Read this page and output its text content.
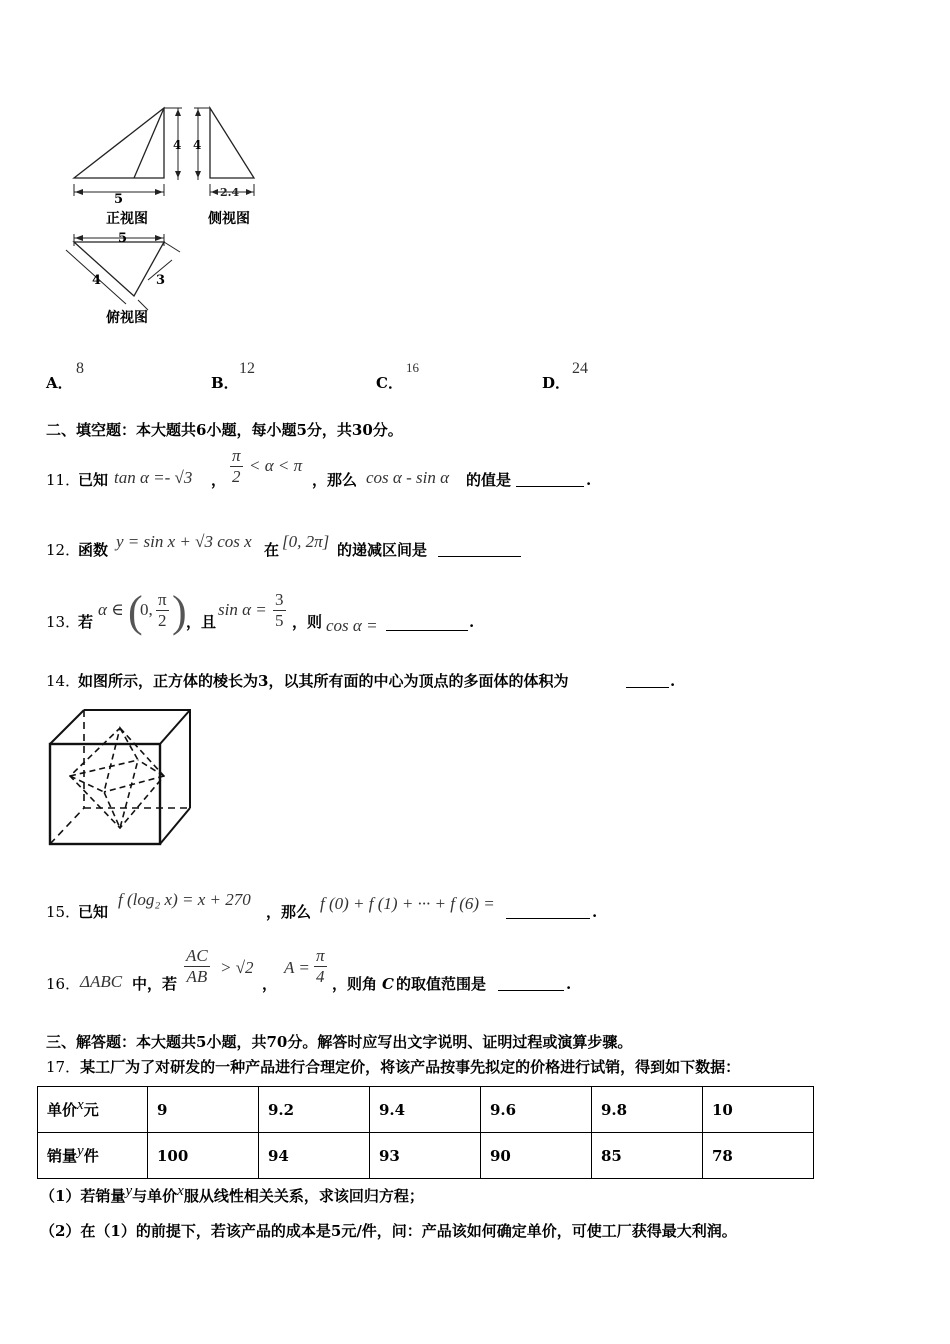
4
5
正视图
4
2.4
侧视图
5
4	3
俯视图
A．
8
B．
12
C．
16
D．
24
二、填空题：本大题共6小题，每小题5分，共30分。
11．
已知 tan α =- √3 ， $\frac{\pi}{2} < \alpha < \pi$
，那么 cos α - sin α 的值是	.
12．
函数 y = sin x + √3 cos x 在 [0, 2π] 的递减区间是
13．
若
α ∈ (
0, $\frac{\pi}{2}$ ) ，且
$\sin \alpha = \frac{3}{5}$ ，则 cos α =	.
14．
如图所示，正方体的棱长为3，以其所有面的中心为顶点的多面体的体积为	.
15．
已知
f (log₂ x) = x + 270
，那么 f (0) + f (1) + ··· + f (6) =	.
16． ΔABC 中，若 $\frac{AC}{AB} > √2$
，
$A = \frac{\pi}{4}$ ，则角 C 的取值范围是	.
三、解答题：本大题共5小题，共70分。解答时应写出文字说明、证明过程或演算步骤。
17．某工厂为了对研发的一种产品进行合理定价，将该产品按事先拟定的价格进行试销，得到如下数据：
单价x元	9	9.2	9.4	9.6	9.8	10
销量y件	100	94	93	90	85	78
（1）若销量y与单价x服从线性相关关系，求该回归方程；
（2）在（1）的前提下，若该产品的成本是5元/件，问：产品该如何确定单价，可使工厂获得最大利润。
